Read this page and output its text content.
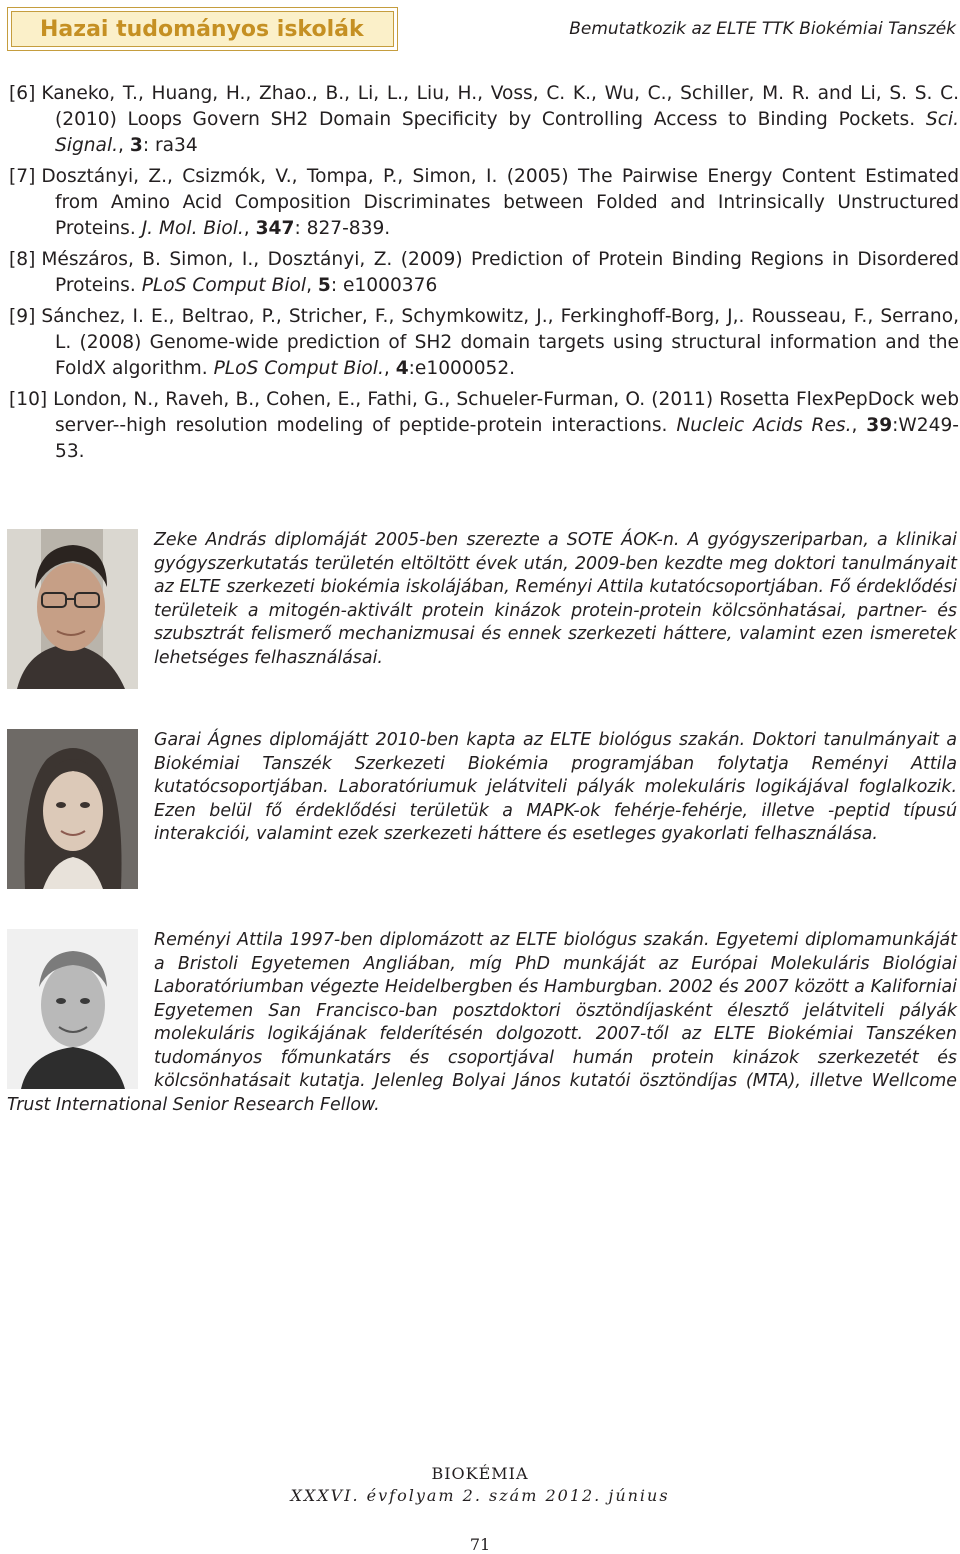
Hazai tudományos iskolák	Bemutatkozik az ELTE TTK Biokémiai Tanszék
[6] Kaneko, T., Huang, H., Zhao., B., Li, L., Liu, H., Voss, C. K., Wu, C., Schiller, M. R. and Li, S. S. C. (2010) Loops Govern SH2 Domain Specificity by Controlling Access to Binding Pockets. Sci. Signal., 3: ra34
[7] Dosztányi, Z., Csizmók, V., Tompa, P., Simon, I. (2005) The Pairwise Energy Content Estimated from Amino Acid Composition Discriminates between Folded and Intrinsically Unstructured Proteins. J. Mol. Biol., 347: 827-839.
[8] Mészáros, B. Simon, I., Dosztányi, Z. (2009) Prediction of Protein Binding Regions in Disordered Proteins. PLoS Comput Biol, 5: e1000376
[9] Sánchez, I. E., Beltrao, P., Stricher, F., Schymkowitz, J., Ferkinghoff-Borg, J,. Rousseau, F., Serrano, L. (2008) Genome-wide prediction of SH2 domain targets using structural information and the FoldX algorithm. PLoS Comput Biol., 4:e1000052.
[10] London, N., Raveh, B., Cohen, E., Fathi, G., Schueler-Furman, O. (2011) Rosetta FlexPepDock web server--high resolution modeling of peptide-protein interactions. Nucleic Acids Res., 39:W249-53.
Zeke András diplomáját 2005-ben szerezte a SOTE ÁOK-n. A gyógyszeriparban, a klinikai gyógyszerkutatás területén eltöltött évek után, 2009-ben kezdte meg doktori tanulmányait az ELTE szerkezeti biokémia iskolájában, Reményi Attila kutatócsoportjában. Fő érdeklődési területeik a mitogén-aktivált protein kinázok protein-protein kölcsönhatásai, partner- és szubsztrát felismerő mechanizmusai és ennek szerkezeti háttere, valamint ezen ismeretek lehetséges felhasználásai.
Garai Ágnes diplomájátt 2010-ben kapta az ELTE biológus szakán. Doktori tanulmányait a Biokémiai Tanszék Szerkezeti Biokémia programjában folytatja Reményi Attila kutatócsoportjában. Laboratóriumuk jelátviteli pályák molekuláris logikájával foglalkozik. Ezen belül fő érdeklődési területük a MAPK-ok fehérje-fehérje, illetve -peptid típusú interakciói, valamint ezek szerkezeti háttere és esetleges gyakorlati felhasználása.
Reményi Attila 1997-ben diplomázott az ELTE biológus szakán. Egyetemi diplomamunkáját a Bristoli Egyetemen Angliában, míg PhD munkáját az Európai Molekuláris Biológiai Laboratóriumban végezte Heidelbergben és Hamburgban. 2002 és 2007 között a Kaliforniai Egyetemen San Francisco-ban posztdoktori ösztöndíjasként élesztő jelátviteli pályák molekuláris logikájának felderítésén dolgozott. 2007-től az ELTE Biokémiai Tanszéken tudományos főmunkatárs és csoportjával humán protein kinázok szerkezetét és kölcsönhatásait kutatja. Jelenleg Bolyai János kutatói ösztöndíjas (MTA), illetve Wellcome Trust International Senior Research Fellow.
BIOKÉMIA
XXXVI. évfolyam 2. szám 2012. június
71
